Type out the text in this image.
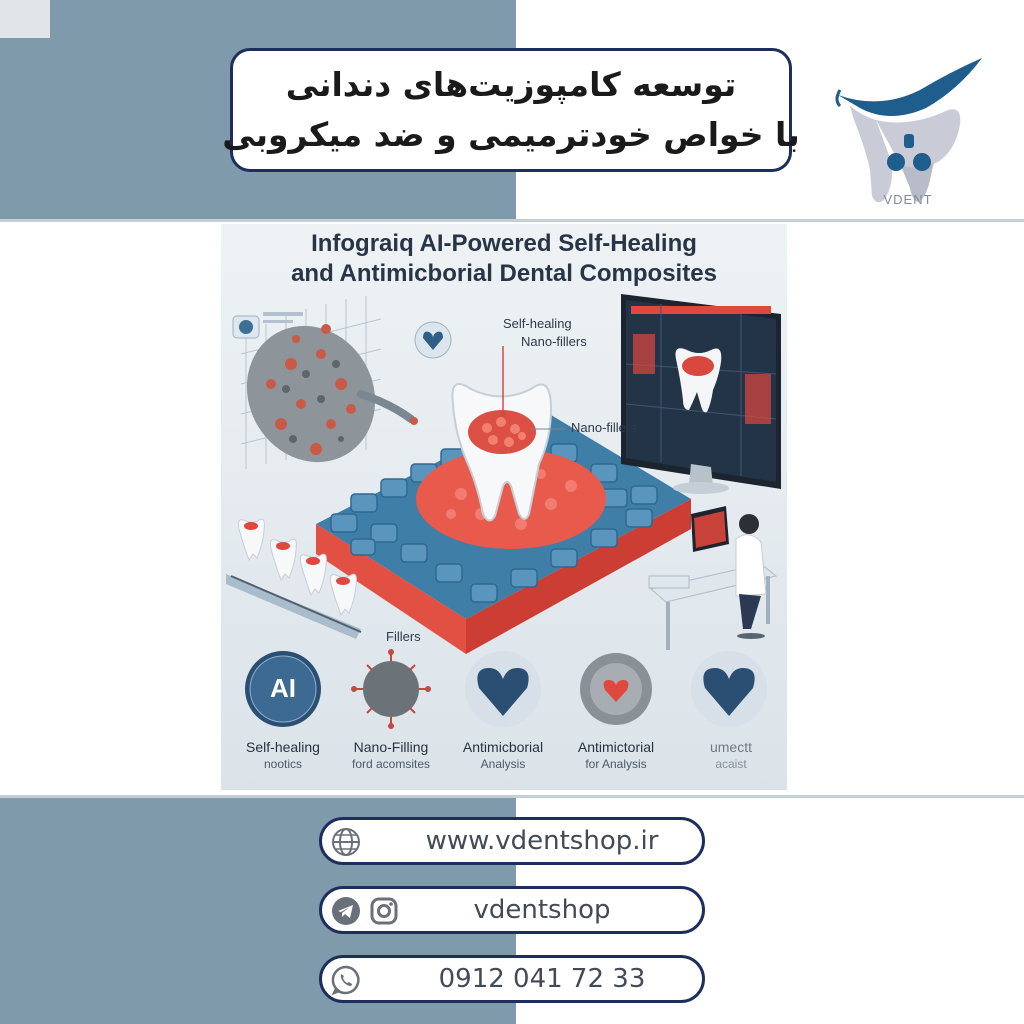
توسعه کامپوزیت‌های دندانی
با خواص خودترمیمی و ضد میکروبی
VDENT
Infograiq AI-Powered Self-Healing
and Antimicborial Dental Composites
Self-healing
Nano-fillers
Nano-fillers
Fillers
AI
Self-healing
nootics
Nano-Filling
ford acomsites
Antimicborial
Analysis
Antimictorial
for Analysis
umectt
acaist
www.vdentshop.ir
vdentshop
0912 041 72 33
